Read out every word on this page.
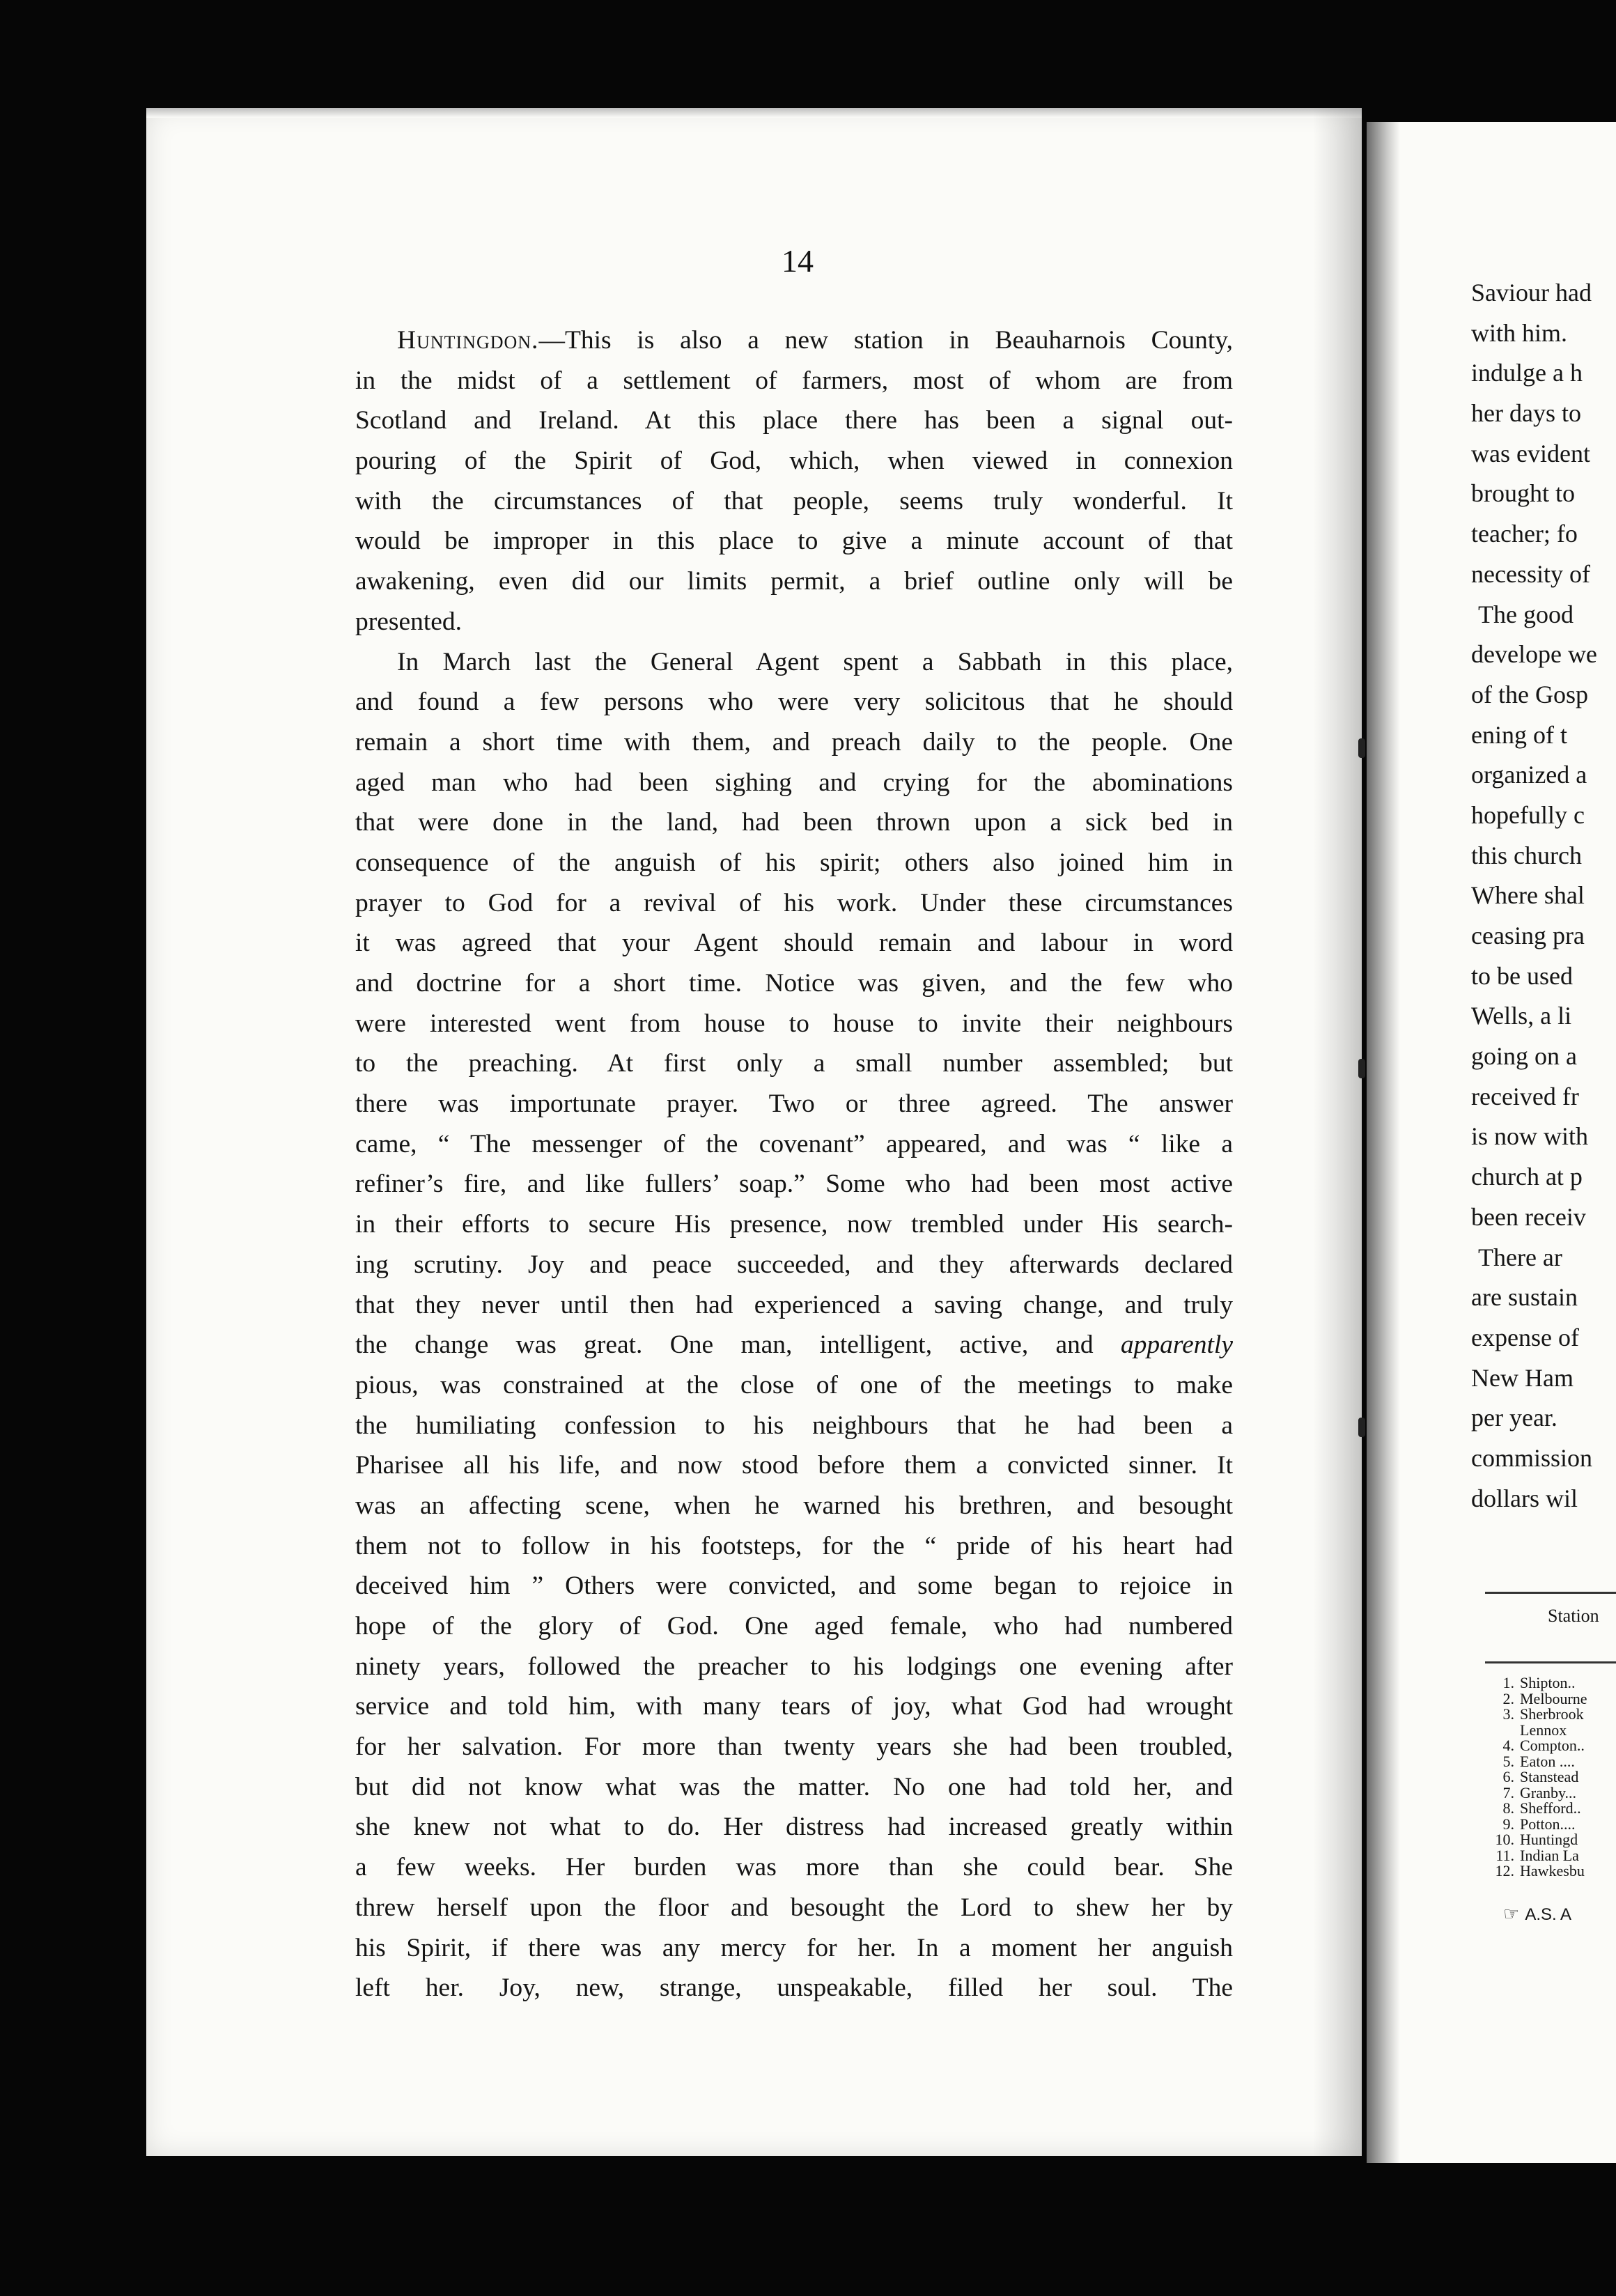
14

Huntingdon.—This is also a new station in Beauharnois County,
in the midst of a settlement of farmers, most of whom are from
Scotland and Ireland. At this place there has been a signal out-
pouring of the Spirit of God, which, when viewed in connexion
with the circumstances of that people, seems truly wonderful. It
would be improper in this place to give a minute account of that
awakening, even did our limits permit, a brief outline only will be
presented.

In March last the General Agent spent a Sabbath in this place,
and found a few persons who were very solicitous that he should
remain a short time with them, and preach daily to the people. One
aged man who had been sighing and crying for the abominations
that were done in the land, had been thrown upon a sick bed in
consequence of the anguish of his spirit; others also joined him in
prayer to God for a revival of his work. Under these circumstances
it was agreed that your Agent should remain and labour in word
and doctrine for a short time. Notice was given, and the few who
were interested went from house to house to invite their neighbours
to the preaching. At first only a small number assembled; but
there was importunate prayer. Two or three agreed. The answer
came, “ The messenger of the covenant” appeared, and was “ like a
refiner’s fire, and like fullers’ soap.” Some who had been most active
in their efforts to secure His presence, now trembled under His search-
ing scrutiny. Joy and peace succeeded, and they afterwards declared
that they never until then had experienced a saving change, and truly
the change was great. One man, intelligent, active, and apparently
pious, was constrained at the close of one of the meetings to make
the humiliating confession to his neighbours that he had been a
Pharisee all his life, and now stood before them a convicted sinner. It
was an affecting scene, when he warned his brethren, and besought
them not to follow in his footsteps, for the “ pride of his heart had
deceived him ” Others were convicted, and some began to rejoice in
hope of the glory of God. One aged female, who had numbered
ninety years, followed the preacher to his lodgings one evening after
service and told him, with many tears of joy, what God had wrought
for her salvation. For more than twenty years she had been troubled,
but did not know what was the matter. No one had told her, and
she knew not what to do. Her distress had increased greatly within
a few weeks. Her burden was more than she could bear. She
threw herself upon the floor and besought the Lord to shew her by
his Spirit, if there was any mercy for her. In a moment her anguish
left her. Joy, new, strange, unspeakable, filled her soul. The

Saviour had
with him.
indulge a h
her days to
was evident
brought to
teacher; fo
necessity of
The good
develope we
of the Gosp
ening of t
organized a
hopefully c
this church
Where shal
ceasing pra
to be used
Wells, a li
going on a
received fr
is now with
church at p
been receiv
There ar
are sustain
expense of
New Ham
per year.
commission
dollars wil
Station
1. Shipton..
2. Melbourne
3. Sherbrook
Lennox
4. Compton..
5. Eaton ....
6. Stanstead
7. Granby...
8. Shefford..
9. Potton....
10. Huntingd
11. Indian La
12. Hawkesbu
☞ A.S. A
